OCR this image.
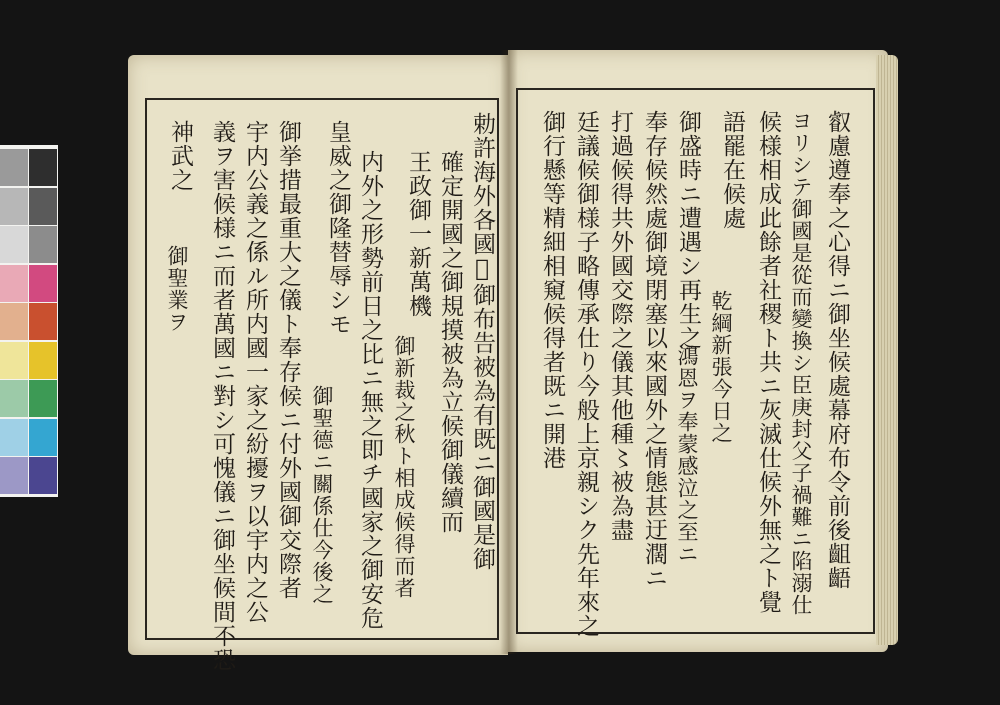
勅許海外各國𪜈御布告被為有既ニ御國是御
確定開國之御規摸被為立候御儀續而
王政御一新萬機
御新裁之秋ト相成候得而者
内外之形勢前日之比ニ無之即チ國家之御安危
皇威之御隆替辱シモ
御聖德ニ關係仕今後之
御挙措最重大之儀ト奉存候ニ付外國御交際者
宇内公義之係ル所内國一家之紛擾ヲ以宇内之公
義ヲ害候様ニ而者萬國ニ對シ可愧儀ニ御坐候間不恐
神武之
御聖業ヲ	叡慮遵奉之心得ニ御坐候處幕府布令前後齟齬
ヨリシテ御國是從而變換シ臣庚封父子禍難ニ陷溺仕
候様相成此餘者社稷ト共ニ灰滅仕候外無之ト覺
語罷在候處
乾綱新張今日之
御盛時ニ遭遇シ再生之
鴻恩ヲ奉蒙感泣之至ニ
奉存候然處御境閉塞以來國外之情態甚迂濶ニ
打過候得共外國交際之儀其他種〻被為盡
廷議候御様子略傳承仕り今般上京親シク先年來之
御行懸等精細相窺候得者既ニ開港
